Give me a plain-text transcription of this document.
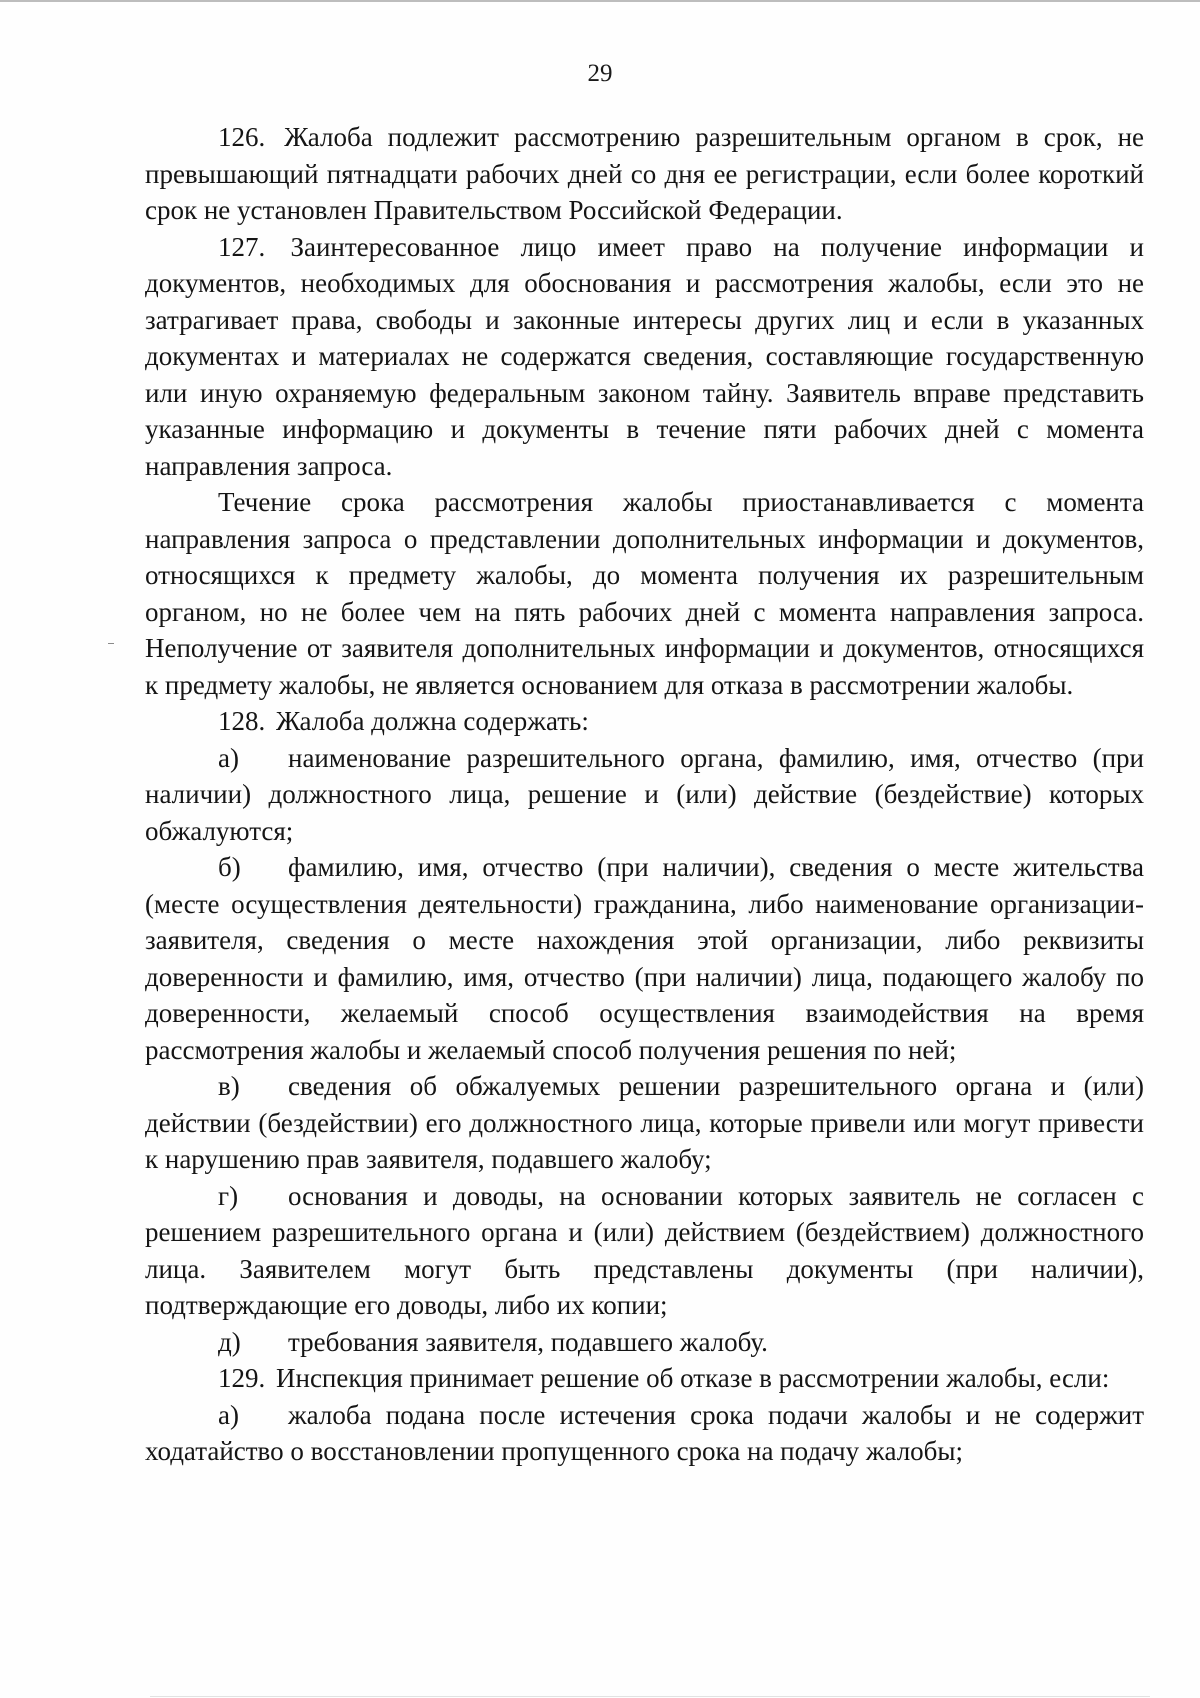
29

126. Жалоба подлежит рассмотрению разрешительным органом в срок, не превышающий пятнадцати рабочих дней со дня ее регистрации, если более короткий срок не установлен Правительством Российской Федерации.

127. Заинтересованное лицо имеет право на получение информации и документов, необходимых для обоснования и рассмотрения жалобы, если это не затрагивает права, свободы и законные интересы других лиц и если в указанных документах и материалах не содержатся сведения, составляющие государственную или иную охраняемую федеральным законом тайну. Заявитель вправе представить указанные информацию и документы в течение пяти рабочих дней с момента направления запроса.

Течение срока рассмотрения жалобы приостанавливается с момента направления запроса о представлении дополнительных информации и документов, относящихся к предмету жалобы, до момента получения их разрешительным органом, но не более чем на пять рабочих дней с момента направления запроса. Неполучение от заявителя дополнительных информации и документов, относящихся к предмету жалобы, не является основанием для отказа в рассмотрении жалобы.

128. Жалоба должна содержать:

а) наименование разрешительного органа, фамилию, имя, отчество (при наличии) должностного лица, решение и (или) действие (бездействие) которых обжалуются;

б) фамилию, имя, отчество (при наличии), сведения о месте жительства (месте осуществления деятельности) гражданина, либо наименование организации-заявителя, сведения о месте нахождения этой организации, либо реквизиты доверенности и фамилию, имя, отчество (при наличии) лица, подающего жалобу по доверенности, желаемый способ осуществления взаимодействия на время рассмотрения жалобы и желаемый способ получения решения по ней;

в) сведения об обжалуемых решении разрешительного органа и (или) действии (бездействии) его должностного лица, которые привели или могут привести к нарушению прав заявителя, подавшего жалобу;

г) основания и доводы, на основании которых заявитель не согласен с решением разрешительного органа и (или) действием (бездействием) должностного лица. Заявителем могут быть представлены документы (при наличии), подтверждающие его доводы, либо их копии;

д) требования заявителя, подавшего жалобу.

129. Инспекция принимает решение об отказе в рассмотрении жалобы, если:

а) жалоба подана после истечения срока подачи жалобы и не содержит ходатайство о восстановлении пропущенного срока на подачу жалобы;
